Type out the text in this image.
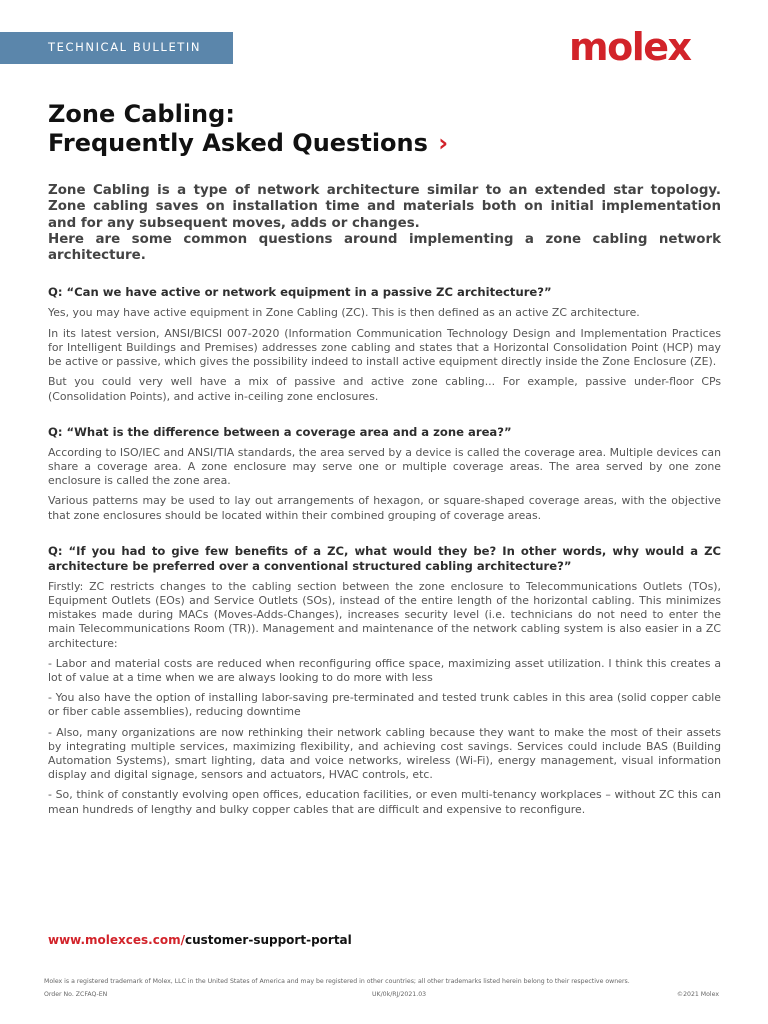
TECHNICAL BULLETIN	molex
Zone Cabling:
Frequently Asked Questions ›

Zone Cabling is a type of network architecture similar to an extended star topology. Zone cabling saves on installation time and materials both on initial implementation and for any subsequent moves, adds or changes.

Here are some common questions around implementing a zone cabling network architecture.

Q: “Can we have active or network equipment in a passive ZC architecture?”

Yes, you may have active equipment in Zone Cabling (ZC). This is then defined as an active ZC architecture.

In its latest version, ANSI/BICSI 007-2020 (Information Communication Technology Design and Implementation Practices for Intelligent Buildings and Premises) addresses zone cabling and states that a Horizontal Consolidation Point (HCP) may be active or passive, which gives the possibility indeed to install active equipment directly inside the Zone Enclosure (ZE).

But you could very well have a mix of passive and active zone cabling... For example, passive under-floor CPs (Consolidation Points), and active in-ceiling zone enclosures.

Q: “What is the difference between a coverage area and a zone area?”

According to ISO/IEC and ANSI/TIA standards, the area served by a device is called the coverage area. Multiple devices can share a coverage area. A zone enclosure may serve one or multiple coverage areas. The area served by one zone enclosure is called the zone area.

Various patterns may be used to lay out arrangements of hexagon, or square-shaped coverage areas, with the objective that zone enclosures should be located within their combined grouping of coverage areas.

Q: “If you had to give few benefits of a ZC, what would they be? In other words, why would a ZC architecture be preferred over a conventional structured cabling architecture?”

Firstly: ZC restricts changes to the cabling section between the zone enclosure to Telecommunications Outlets (TOs), Equipment Outlets (EOs) and Service Outlets (SOs), instead of the entire length of the horizontal cabling. This minimizes mistakes made during MACs (Moves-Adds-Changes), increases security level (i.e. technicians do not need to enter the main Telecommunications Room (TR)). Management and maintenance of the network cabling system is also easier in a ZC architecture:

- Labor and material costs are reduced when reconfiguring office space, maximizing asset utilization. I think this creates a lot of value at a time when we are always looking to do more with less

- You also have the option of installing labor-saving pre-terminated and tested trunk cables in this area (solid copper cable or fiber cable assemblies), reducing downtime

- Also, many organizations are now rethinking their network cabling because they want to make the most of their assets by integrating multiple services, maximizing flexibility, and achieving cost savings. Services could include BAS (Building Automation Systems), smart lighting, data and voice networks, wireless (Wi-Fi), energy management, visual information display and digital signage, sensors and actuators, HVAC controls, etc.

- So, think of constantly evolving open offices, education facilities, or even multi-tenancy workplaces – without ZC this can mean hundreds of lengthy and bulky copper cables that are difficult and expensive to reconfigure.

www.molexces.com/customer-support-portal
Molex is a registered trademark of Molex, LLC in the United States of America and may be registered in other countries; all other trademarks listed herein belong to their respective owners.
Order No. ZCFAQ-EN	UK/0k/RJ/2021.03	©2021 Molex
